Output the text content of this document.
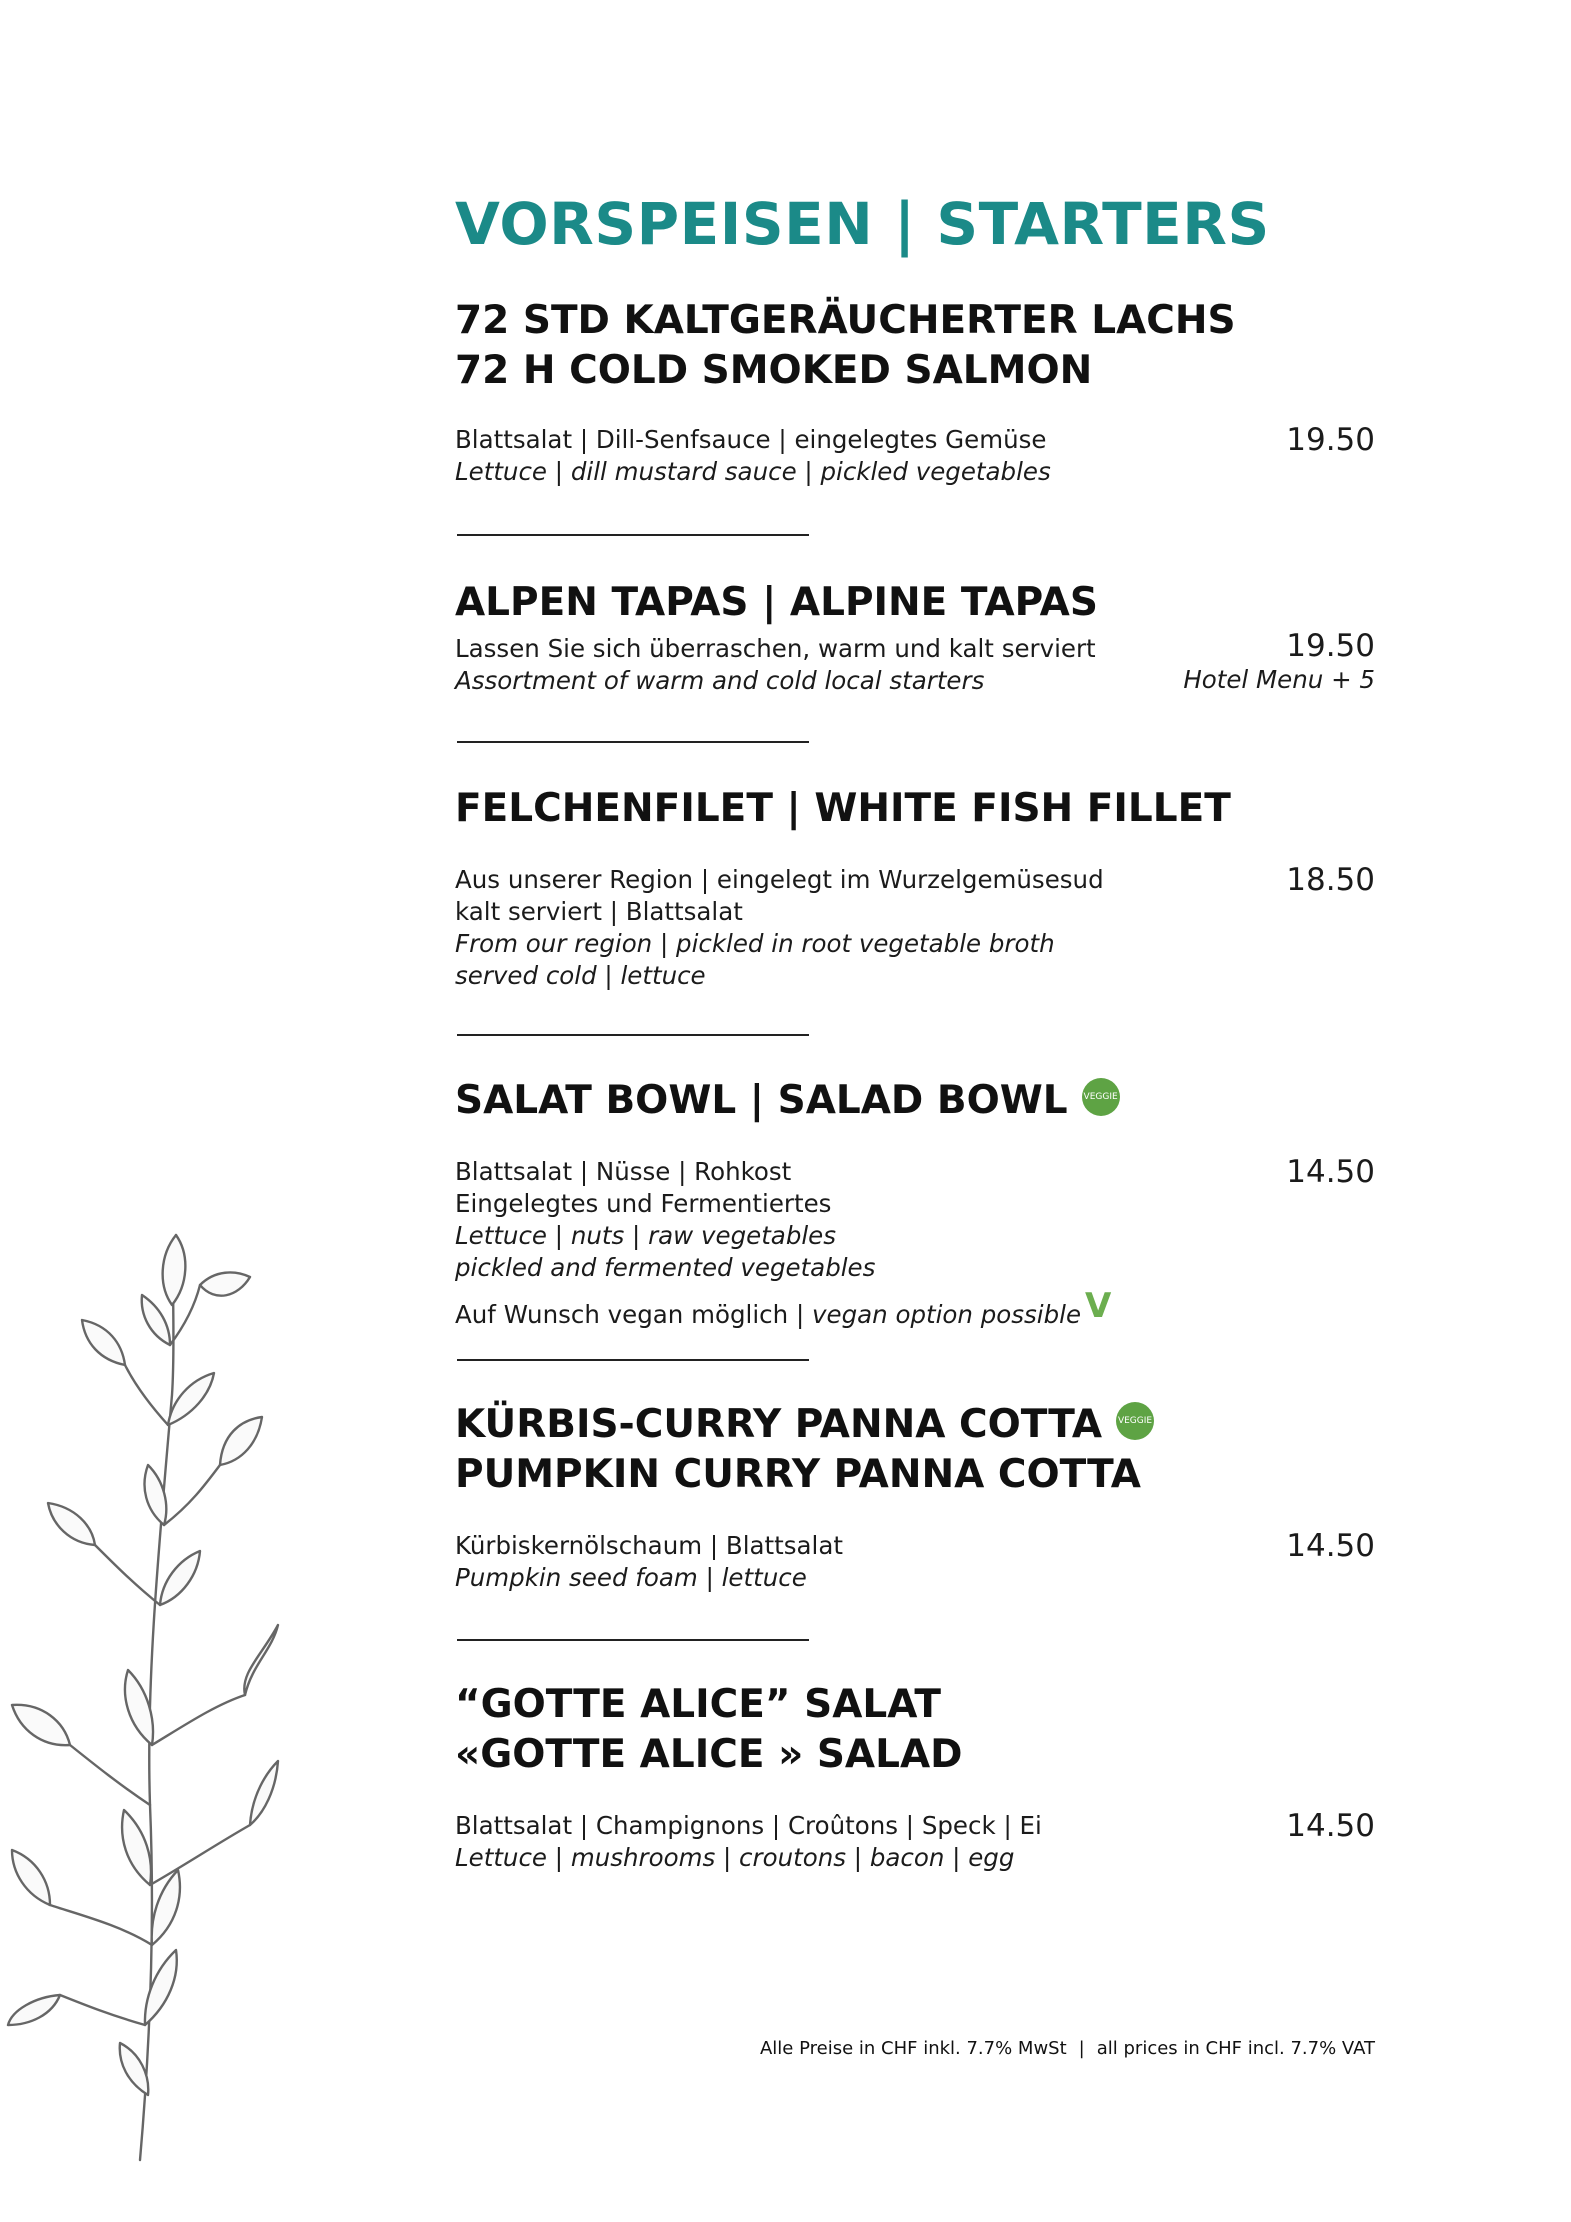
VORSPEISEN | STARTERS
72 STD KALTGERÄUCHERTER LACHS
72 H COLD SMOKED SALMON
Blattsalat | Dill-Senfsauce | eingelegtes Gemüse
Lettuce | dill mustard sauce | pickled vegetables
19.50
ALPEN TAPAS | ALPINE TAPAS
Lassen Sie sich überraschen, warm und kalt serviert
Assortment of warm and cold local starters
19.50
Hotel Menu + 5
FELCHENFILET | WHITE FISH FILLET
Aus unserer Region | eingelegt im Wurzelgemüsesud
kalt serviert | Blattsalat
From our region | pickled in root vegetable broth
served cold | lettuce
18.50
SALAT BOWL | SALAD BOWL VEGGIE
Blattsalat | Nüsse | Rohkost
Eingelegtes und Fermentiertes
Lettuce | nuts | raw vegetables
pickled and fermented vegetables
Auf Wunsch vegan möglich | vegan option possible V
14.50
KÜRBIS-CURRY PANNA COTTA VEGGIE
PUMPKIN CURRY PANNA COTTA
Kürbiskernölschaum | Blattsalat
Pumpkin seed foam | lettuce
14.50
“GOTTE ALICE” SALAT
«GOTTE ALICE » SALAD
Blattsalat | Champignons | Croûtons | Speck | Ei
Lettuce | mushrooms | croutons | bacon | egg
14.50
Alle Preise in CHF inkl. 7.7% MwSt | all prices in CHF incl. 7.7% VAT
